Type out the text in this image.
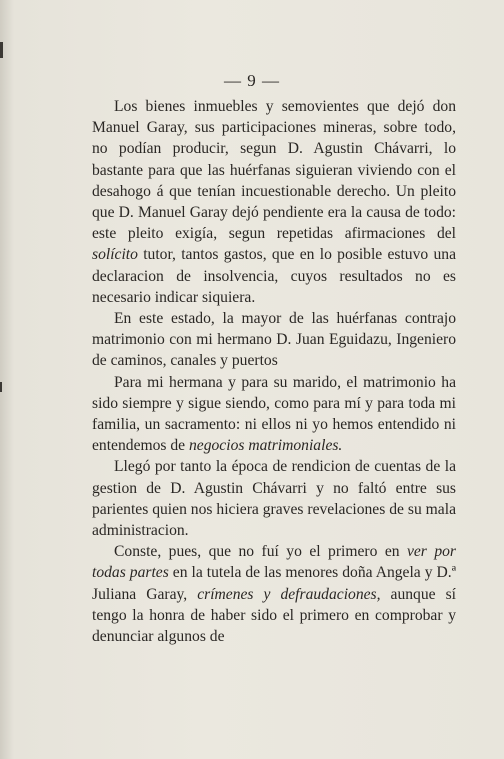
— 9 —

Los bienes inmuebles y semovientes que dejó don Manuel Garay, sus participaciones mineras, sobre todo, no podían producir, segun D. Agustin Chávarri, lo bastante para que las huérfanas siguieran viviendo con el desahogo á que tenían incuestionable derecho. Un pleito que D. Manuel Garay dejó pendiente era la causa de todo: este pleito exigía, segun repetidas afirmaciones del solícito tutor, tantos gastos, que en lo posible estuvo una declaracion de insolvencia, cuyos resultados no es necesario indicar siquiera.

En este estado, la mayor de las huérfanas contrajo matrimonio con mi hermano D. Juan Eguidazu, Ingeniero de caminos, canales y puertos

Para mi hermana y para su marido, el matrimonio ha sido siempre y sigue siendo, como para mí y para toda mi familia, un sacramento: ni ellos ni yo hemos entendido ni entendemos de negocios matrimoniales.

Llegó por tanto la época de rendicion de cuentas de la gestion de D. Agustin Chávarri y no faltó entre sus parientes quien nos hiciera graves revelaciones de su mala administracion.

Conste, pues, que no fuí yo el primero en ver por todas partes en la tutela de las menores doña Angela y D.ª Juliana Garay, crímenes y defraudaciones, aunque sí tengo la honra de haber sido el primero en comprobar y denunciar algunos de
